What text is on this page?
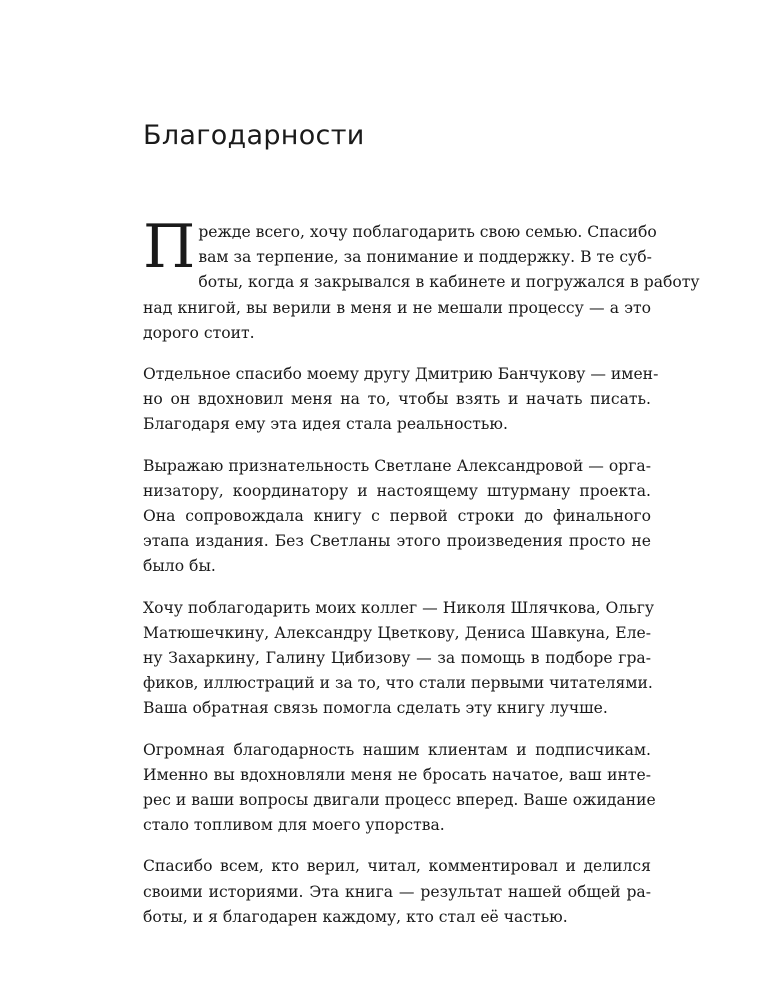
Благодарности
П режде всего, хочу поблагодарить свою семью. Спасибо
вам за терпение, за понимание и поддержку. В те суб-
боты, когда я закрывался в кабинете и погружался в работу
над книгой, вы верили в меня и не мешали процессу — а это
дорого стоит.
Отдельное спасибо моему другу Дмитрию Банчукову — имен-
но он вдохновил меня на то, чтобы взять и начать писать.
Благодаря ему эта идея стала реальностью.
Выражаю признательность Светлане Александровой — орга-
низатору, координатору и настоящему штурману проекта.
Она сопровождала книгу с первой строки до финального
этапа издания. Без Светланы этого произведения просто не
было бы.
Хочу поблагодарить моих коллег — Николя Шлячкова, Ольгу
Матюшечкину, Александру Цветкову, Дениса Шавкуна, Еле-
ну Захаркину, Галину Цибизову — за помощь в подборе гра-
фиков, иллюстраций и за то, что стали первыми читателями.
Ваша обратная связь помогла сделать эту книгу лучше.
Огромная благодарность нашим клиентам и подписчикам.
Именно вы вдохновляли меня не бросать начатое, ваш инте-
рес и ваши вопросы двигали процесс вперед. Ваше ожидание
стало топливом для моего упорства.
Спасибо всем, кто верил, читал, комментировал и делился
своими историями. Эта книга — результат нашей общей ра-
боты, и я благодарен каждому, кто стал её частью.
